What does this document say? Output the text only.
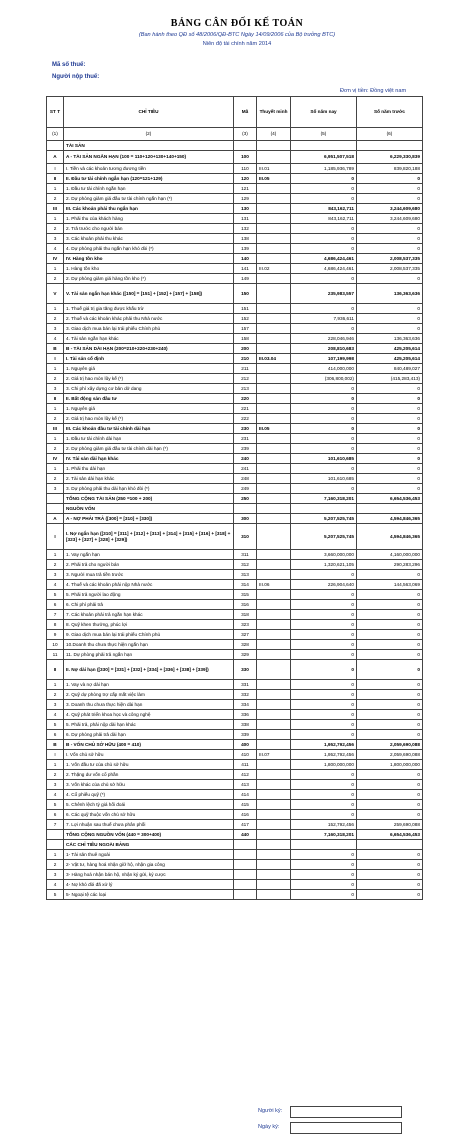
BẢNG CÂN ĐỐI KẾ TOÁN
(Ban hành theo QĐ số 48/2006/QĐ-BTC Ngày 14/09/2006 của Bộ trưởng BTC)
Niên độ tài chính năm 2014
Mã số thuế:
Người nộp thuế:
Đơn vị tiền: Đồng việt nam
ST T	CHỈ TIÊU	Mã	Thuyết minh	Số năm nay	Số năm trước
(1)	(2)	(3)	(4)	(5)	(6)
	TÀI SẢN				
A	A - TÀI SẢN NGẮN HẠN (100 = 110+120+130+140+150)	100		6,951,507,518	6,229,330,839
I	I. Tiền và các khoản tương đương tiền	110	III.01	1,185,936,789	839,820,188
II	II. Đầu tư tài chính ngắn hạn (120=121+129)	120	III.05	0	0
1	1. Đầu tư tài chính ngắn hạn	121		0	0
2	2. Dự phòng giảm giá đầu tư tài chính ngắn hạn (*)	129		0	0
III	III. Các khoản phải thu ngắn hạn	130		843,162,711	3,244,609,680
1	1. Phải thu của khách hàng	131		843,162,711	3,244,609,680
2	2. Trả trước cho người bán	132		0	0
3	3. Các khoản phải thu khác	138		0	0
4	4. Dự phòng phải thu ngắn hạn khó đòi (*)	139		0	0
IV	IV. Hàng tồn kho	140		4,686,424,461	2,008,537,335
1	1. Hàng tồn kho	141	III.02	4,686,424,461	2,008,537,335
2	2. Dự phòng giảm giá hàng tồn kho (*)	149		0	0
V	V. Tài sản ngắn hạn khác ([150] = [151] + [152] + [157] + [158])	150		235,983,557	136,363,636
1	1. Thuế giá trị gia tăng được khấu trừ	151		0	0
2	2. Thuế và các khoản khác phải thu Nhà nước	152		7,936,611	0
3	3. Giao dịch mua bán lại trái phiếu Chính phủ	157		0	0
4	4. Tài sản ngắn hạn khác	158		228,046,946	136,363,636
B	B - TÀI SẢN DÀI HẠN (200=210+220+230+240)	200		208,810,683	425,205,614
I	I. Tài sản cố định	210	III.03.04	107,199,998	425,205,614
1	1. Nguyên giá	211		414,000,000	840,489,027
2	2. Giá trị hao mòn lũy kế (*)	212		(306,800,002)	(415,283,413)
3	3. Chi phí xây dựng cơ bản dở dang	213		0	0
II	II. Bất động sản đầu tư	220		0	0
1	1. Nguyên giá	221		0	0
2	2. Giá trị hao mòn lũy kế (*)	222		0	0
III	III. Các khoản đầu tư tài chính dài hạn	230	III.05	0	0
1	1. Đầu tư tài chính dài hạn	231		0	0
2	2. Dự phòng giảm giá đầu tư tài chính dài hạn (*)	239		0	0
IV	IV. Tài sản dài hạn khác	240		101,610,685	0
1	1. Phải thu dài hạn	241		0	0
2	2. Tài sản dài hạn khác	248		101,610,685	0
3	3. Dự phòng phải thu dài hạn khó đòi (*)	249		0	0
	TỔNG CỘNG TÀI SẢN (250 =100 + 200)	250		7,160,318,201	6,654,536,453
	NGUỒN VỐN				
A	A - NỢ PHẢI TRẢ ([300] = [310] + [330])	300		5,207,525,745	4,594,846,365
I	I. Nợ ngắn hạn ([310] = [311] + [312] + [313] + [314] + [315] + [316] + [318] + [323] + [327] + [328] + [329])	310		5,207,525,745	4,594,846,365
1	1. Vay ngắn hạn	311		3,660,000,000	4,160,000,000
2	2. Phải trả cho người bán	312		1,320,621,105	290,283,296
3	3. Người mua trả tiền trước	313		0	0
4	4. Thuế và các khoản phải nộp Nhà nước	314	III.06	226,904,640	144,563,069
5	5. Phải trả người lao động	315		0	0
6	6. Chi phí phải trả	316		0	0
7	7. Các khoản phải trả ngắn hạn khác	318		0	0
8	8. Quỹ khen thưởng, phúc lợi	323		0	0
9	9. Giao dịch mua bán lại trái phiếu Chính phủ	327		0	0
10	10.Doanh thu chưa thực hiện ngắn hạn	328		0	0
11	11. Dự phòng phải trả ngắn hạn	329		0	0
II	II. Nợ dài hạn ([330] = [331] + [332] + [334] + [336] + [338] + [339])	330		0	0
1	1. Vay và nợ dài hạn	331		0	0
2	2. Quỹ dự phòng trợ cấp mất việc làm	332		0	0
3	3. Doanh thu chưa thực hiện dài hạn	334		0	0
4	4. Quỹ phát triển khoa học và công nghệ	336		0	0
5	5. Phải trả, phải nộp dài hạn khác	338		0	0
6	6. Dự phòng phải trả dài hạn	339		0	0
B	B - VỐN CHỦ SỞ HỮU (400 = 410)	400		1,952,792,456	2,059,690,088
I	I. Vốn chủ sở hữu	410	III.07	1,952,792,456	2,059,690,088
1	1. Vốn đầu tư của chủ sở hữu	411		1,800,000,000	1,800,000,000
2	2. Thặng dư vốn cổ phần	412		0	0
3	3. Vốn khác của chủ sở hữu	413		0	0
4	4. Cổ phiếu quỹ (*)	414		0	0
5	5. Chênh lệch tỷ giá hối đoái	415		0	0
6	6. Các quỹ thuộc vốn chủ sở hữu	416		0	0
7	7. Lợi nhuận sau thuế chưa phân phối	417		152,792,456	259,690,088
	TỔNG CỘNG NGUỒN VỐN (440 = 300+400)	440		7,160,318,201	6,654,536,453
	CÁC CHỈ TIÊU NGOÀI BẢNG				
1	1- Tài sản thuê ngoài			0	0
2	2- Vật tư, hàng hoá nhận giữ hộ, nhận gia công			0	0
3	3- Hàng hoá nhận bán hộ, nhận ký gửi, ký cược			0	0
4	4- Nợ khó đòi đã xử lý			0	0
5	5- Ngoại tệ các loại			0	0
Người ký:
Ngày ký:
